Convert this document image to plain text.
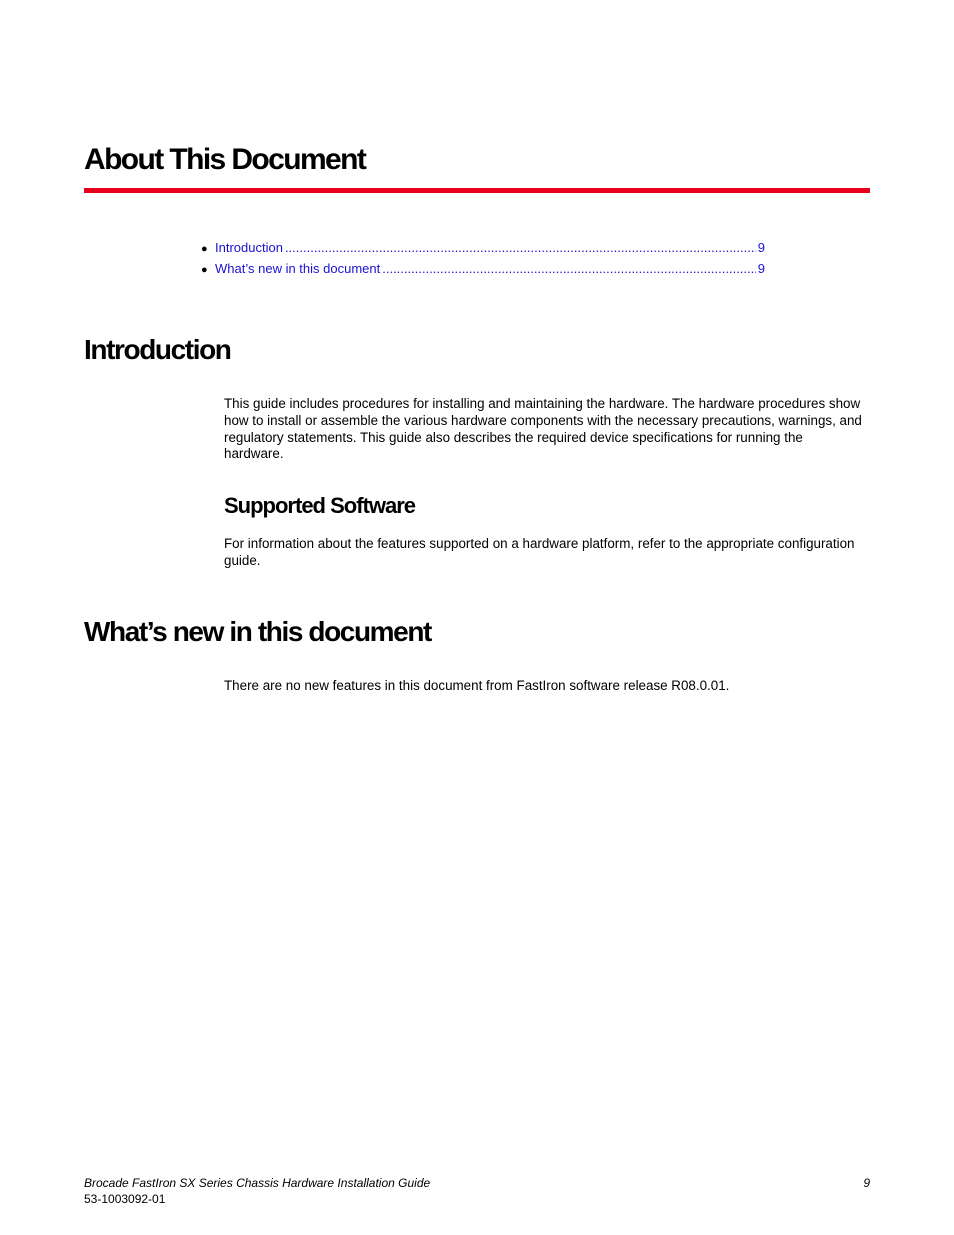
About This Document
● Introduction .....	9
● What’s new in this document .....	9
Introduction

This guide includes procedures for installing and maintaining the hardware. The hardware procedures show how to install or assemble the various hardware components with the necessary precautions, warnings, and regulatory statements. This guide also describes the required device specifications for running the hardware.

Supported Software

For information about the features supported on a hardware platform, refer to the appropriate configuration guide.

What’s new in this document

There are no new features in this document from FastIron software release R08.0.01.

Brocade FastIron SX Series Chassis Hardware Installation Guide
53-1003092-01
9
